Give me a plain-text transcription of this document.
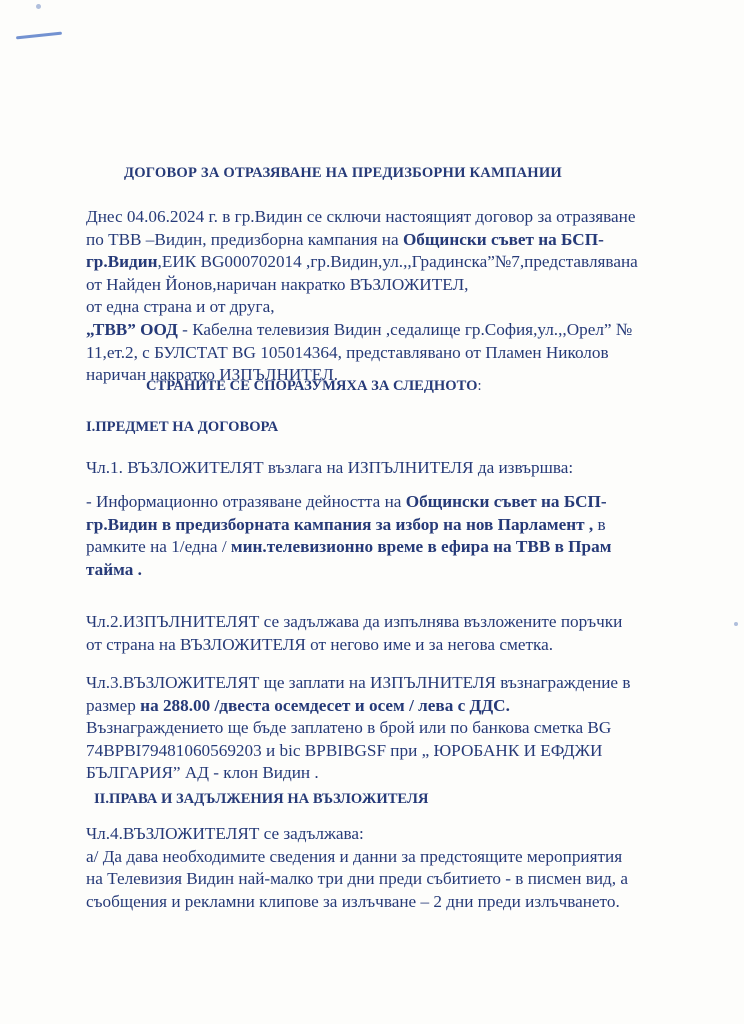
ДОГОВОР ЗА ОТРАЗЯВАНЕ НА ПРЕДИЗБОРНИ КАМПАНИИ
Днес 04.06.2024 г. в гр.Видин се сключи настоящият договор за отразяване
по ТВВ –Видин, предизборна кампания на Общински съвет на БСП-
гр.Видин,ЕИК BG000702014 ,гр.Видин,ул.,,Градинска”№7,представлявана
от Найден Йонов,наричан накратко ВЪЗЛОЖИТЕЛ,
от една страна и от друга,
„ТВВ” ООД - Кабелна телевизия Видин ,седалище гр.София,ул.,,Орел” №
11,ет.2, с БУЛСТАТ BG 105014364, представлявано от Пламен Николов
наричан накратко ИЗПЪЛНИТЕЛ.
СТРАНИТЕ СЕ СПОРАЗУМЯХА ЗА СЛЕДНОТО:
I.ПРЕДМЕТ НА ДОГОВОРА
Чл.1. ВЪЗЛОЖИТЕЛЯТ възлага на ИЗПЪЛНИТЕЛЯ да извършва:
- Информационно отразяване дейността на Общински съвет на БСП-
гр.Видин в предизборната кампания за избор на нов Парламент , в
рамките на 1/една / мин.телевизионно време в ефира на ТВВ в Прам
тайма .
Чл.2.ИЗПЪЛНИТЕЛЯТ се задължава да изпълнява възложените поръчки
от страна на ВЪЗЛОЖИТЕЛЯ от негово име и за негова сметка.
Чл.3.ВЪЗЛОЖИТЕЛЯТ ще заплати на ИЗПЪЛНИТЕЛЯ възнаграждение в
размер на 288.00 /двеста осемдесет и осем / лева с ДДС.
Възнаграждението ще бъде заплатено в брой или по банкова сметка BG
74BPBI79481060569203 и bic BPBIBGSF при „ ЮРОБАНК И ЕФДЖИ
БЪЛГАРИЯ” АД - клон Видин .
II.ПРАВА И ЗАДЪЛЖЕНИЯ НА ВЪЗЛОЖИТЕЛЯ
Чл.4.ВЪЗЛОЖИТЕЛЯТ се задължава:
а/ Да дава необходимите сведения и данни за предстоящите мероприятия
на Телевизия Видин най-малко три дни преди събитието - в писмен вид, а
съобщения и рекламни клипове за излъчване – 2 дни преди излъчването.
